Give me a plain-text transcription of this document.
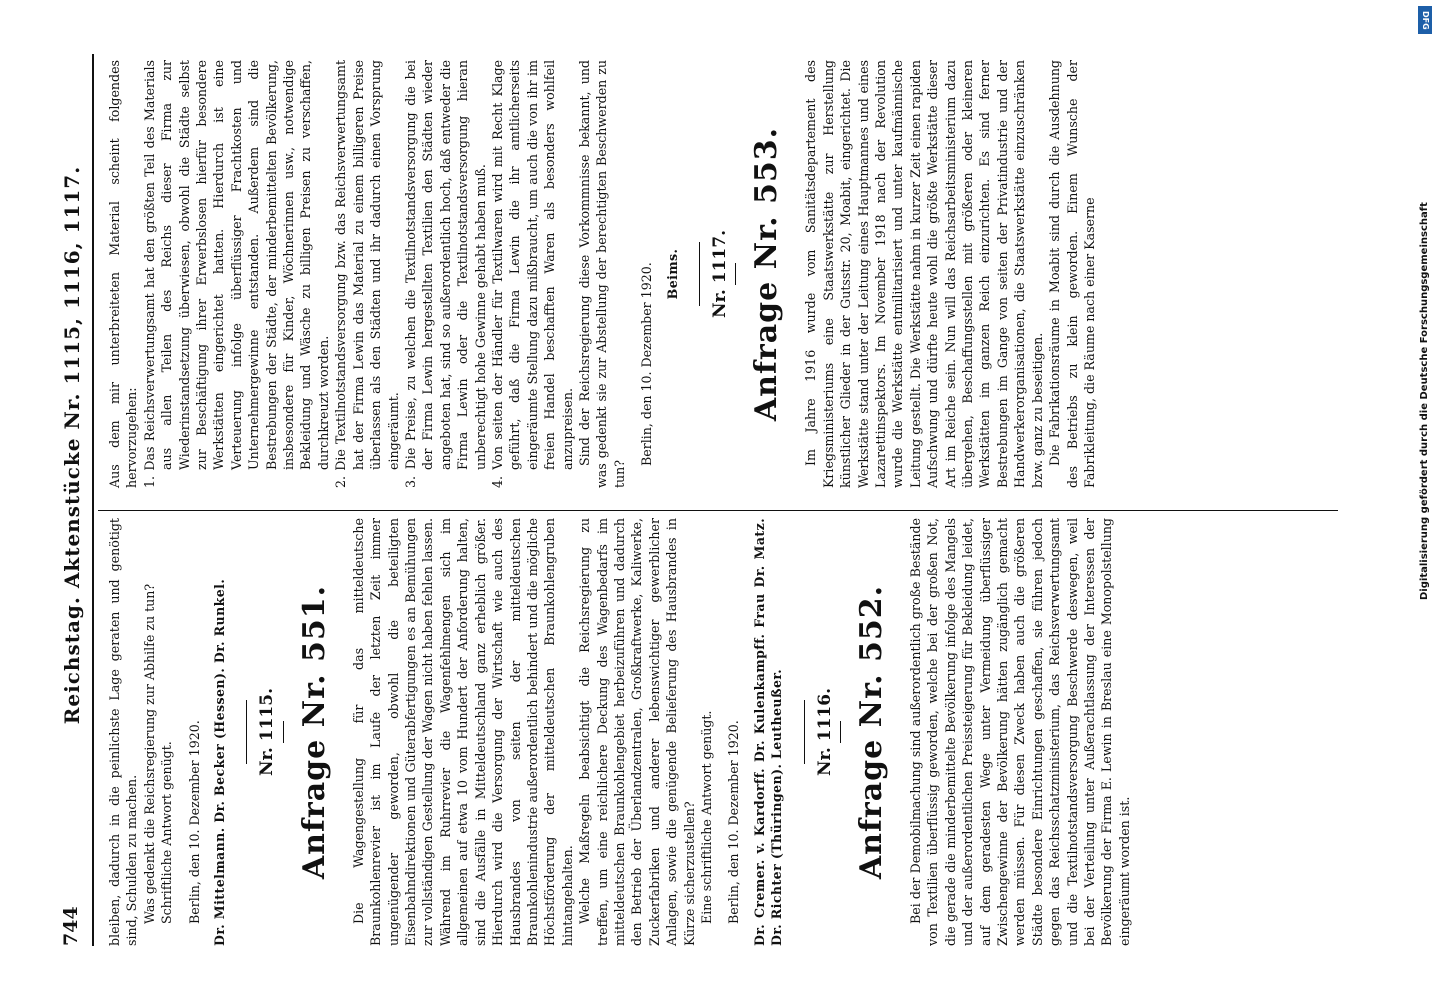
744
Reichstag. Aktenstücke Nr. 1115, 1116, 1117.

bleiben, dadurch in die peinlichste Lage geraten und genötigt sind, Schulden zu machen. Was gedenkt die Reichsregierung zur Abhilfe zu tun? Schriftliche Antwort genügt. Berlin, den 10. Dezember 1920. Dr. Mittelmann. Dr. Becker (Hessen). Dr. Runkel. Nr. 1115. Anfrage Nr. 551. Die Wagengestellung für das mitteldeutsche Braunkohlenrevier ist im Laufe der letzten Zeit immer ungenügender geworden, obwohl die beteiligten Eisenbahndirektionen und Güterabfertigungen es an Bemühungen zur vollständigen Gestellung der Wagen nicht haben fehlen lassen. Während im Ruhrrevier die Wagenfehlmengen sich im allgemeinen auf etwa 10 vom Hundert der Anforderung halten, sind die Ausfälle in Mitteldeutschland ganz erheblich größer. Hierdurch wird die Versorgung der Wirtschaft wie auch des Hausbrandes von seiten der mitteldeutschen Braunkohlenindustrie außerordentlich behindert und die mögliche Höchstförderung der mitteldeutschen Braunkohlengruben hintangehalten. Welche Maßregeln beabsichtigt die Reichsregierung zu treffen, um eine reichlichere Deckung des Wagenbedarfs im mitteldeutschen Braunkohlengebiet herbeizuführen und dadurch den Betrieb der Überlandzentralen, Großkraftwerke, Kaliwerke, Zuckerfabriken und anderer lebenswichtiger gewerblicher Anlagen, sowie die genügende Belieferung des Hausbrandes in Kürze sicherzustellen? Eine schriftliche Antwort genügt. Berlin, den 10. Dezember 1920. Dr. Cremer. v. Kardorff. Dr. Kulenkampff. Frau Dr. Matz. Dr. Richter (Thüringen). Leutheußer. Nr. 1116. Anfrage Nr. 552. Bei der Demobilmachung sind außerordentlich große Bestände von Textilien überflüssig geworden, welche bei der großen Not, die gerade die minderbemittelte Bevölkerung infolge des Mangels und der außerordentlichen Preissteigerung für Bekleidung leidet, auf dem geradesten Wege unter Vermeidung überflüssiger Zwischengewinne der Bevölkerung hätten zugänglich gemacht werden müssen. Für diesen Zweck haben auch die größeren Städte besondere Einrichtungen geschaffen, sie führen jedoch gegen das Reichsschatzministerium, das Reichsverwertungsamt und die Textilnotstandsversorgung Beschwerde deswegen, weil bei der Verteilung unter Außerachtlassung der Interessen der Bevölkerung der Firma E. Lewin in Breslau eine Monopolstellung eingeräumt worden ist.

Aus dem mir unterbreiteten Material scheint folgendes hervorzugehen: 1. Das Reichsverwertungsamt hat den größten Teil des Materials aus allen Teilen des Reichs dieser Firma zur Wiederinstandsetzung überwiesen, obwohl die Städte selbst zur Beschäftigung ihrer Erwerbslosen hierfür besondere Werkstätten eingerichtet hatten. Hierdurch ist eine Verteuerung infolge überflüssiger Frachtkosten und Unternehmergewinne entstanden. Außerdem sind die Bestrebungen der Städte, der minderbemittelten Bevölkerung, insbesondere für Kinder, Wöchnerinnen usw., notwendige Bekleidung und Wäsche zu billigen Preisen zu verschaffen, durchkreuzt worden. 2. Die Textilnotstandsversorgung bzw. das Reichsverwertungsamt hat der Firma Lewin das Material zu einem billigeren Preise überlassen als den Städten und ihr dadurch einen Vorsprung eingeräumt. 3. Die Preise, zu welchen die Textilnotstandsversorgung die bei der Firma Lewin hergestellten Textilien den Städten wieder angeboten hat, sind so außerordentlich hoch, daß entweder die Firma Lewin oder die Textilnotstandsversorgung hieran unberechtigt hohe Gewinne gehabt haben muß. 4. Von seiten der Händler für Textilwaren wird mit Recht Klage geführt, daß die Firma Lewin die ihr amtlicherseits eingeräumte Stellung dazu mißbraucht, um auch die von ihr im freien Handel beschafften Waren als besonders wohlfeil anzupreisen. Sind der Reichsregierung diese Vorkommnisse bekannt, und was gedenkt sie zur Abstellung der berechtigten Beschwerden zu tun?

Berlin, den 10. Dezember 1920. Beims. Nr. 1117. Anfrage Nr. 553. Im Jahre 1916 wurde vom Sanitätsdepartement des Kriegsministeriums eine Staatswerkstätte zur Herstellung künstlicher Glieder in der Gutsstr. 20, Moabit, eingerichtet. Die Werkstätte stand unter der Leitung eines Hauptmannes und eines Lazarettinspektors. Im November 1918 nach der Revolution wurde die Werkstätte entmilitarisiert und unter kaufmännische Leitung gestellt. Die Werkstätte nahm in kurzer Zeit einen rapiden Aufschwung und dürfte heute wohl die größte Werkstätte dieser Art im Reiche sein. Nun will das Reichsarbeitsministerium dazu übergehen, Beschaffungsstellen mit größeren oder kleineren Werkstätten im ganzen Reich einzurichten. Es sind ferner Bestrebungen im Gange von seiten der Privatindustrie und der Handwerkerorganisationen, die Staatswerkstätte einzuschränken bzw. ganz zu beseitigen. Die Fabrikationsräume in Moabit sind durch die Ausdehnung des Betriebs zu klein geworden. Einem Wunsche der Fabrikleitung, die Räume nach einer Kaserne

DFG
Digitalisierung gefördert durch die Deutsche Forschungsgemeinschaft
